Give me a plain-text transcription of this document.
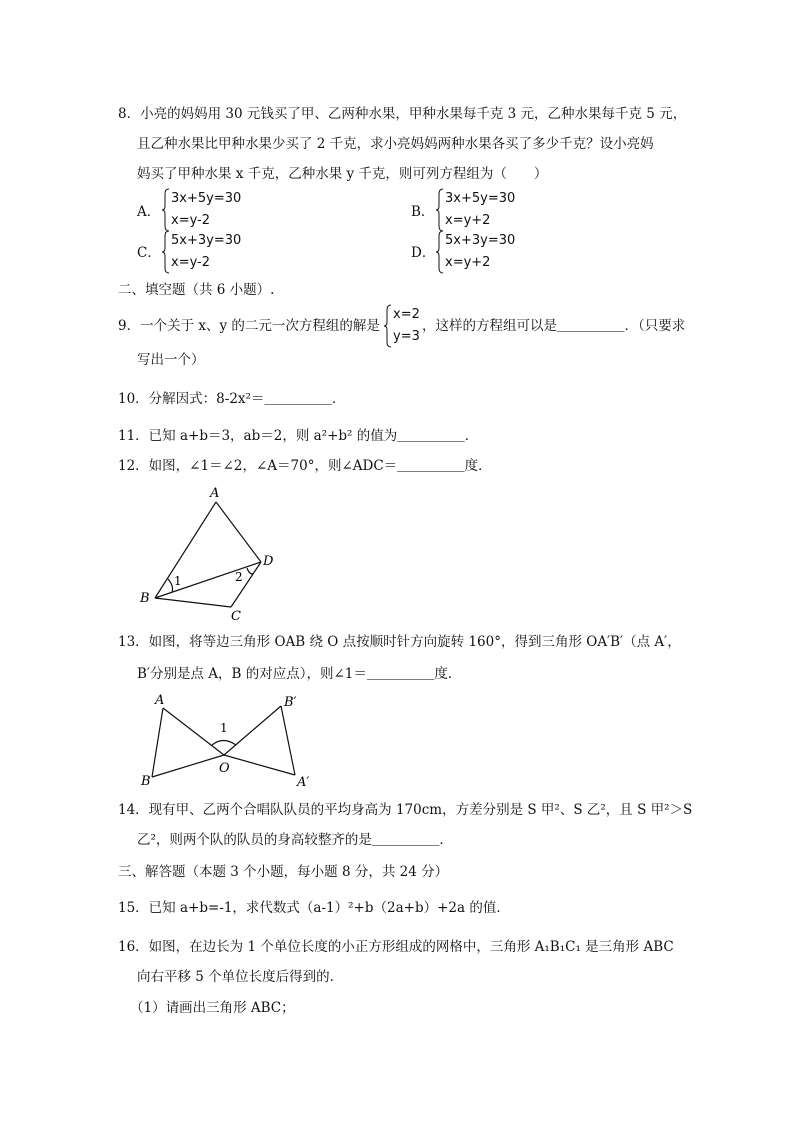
8．小亮的妈妈用 30 元钱买了甲、乙两种水果，甲种水果每千克 3 元，乙种水果每千克 5 元，
且乙种水果比甲种水果少买了 2 千克，求小亮妈妈两种水果各买了多少千克？设小亮妈
妈买了甲种水果 x 千克，乙种水果 y 千克，则可列方程组为（　　）
A．
3x+5y=30
x=y-2
B．
3x+5y=30
x=y+2
C．
5x+3y=30
x=y-2
D．
5x+3y=30
x=y+2
二、填空题（共 6 小题）.
9．一个关于 x、y 的二元一次方程组的解是
x=2
y=3
，这样的方程组可以是＿＿＿＿＿．（只要求
写出一个）
10．分解因式：8-2x²＝＿＿＿＿＿．
11．已知 a+b＝3，ab＝2，则 a²+b² 的值为＿＿＿＿＿．
12．如图，∠1＝∠2，∠A＝70°，则∠ADC＝＿＿＿＿＿度．
A
B
C
D
1	2
13．如图，将等边三角形 OAB 绕 O 点按顺时针方向旋转 160°，得到三角形 OA′B′（点 A′，
B′分别是点 A，B 的对应点），则∠1＝＿＿＿＿＿度．
A
B
O
B′
A′
1
14．现有甲、乙两个合唱队队员的平均身高为 170cm，方差分别是 S 甲²、S 乙²，且 S 甲²＞S
乙²，则两个队的队员的身高较整齐的是＿＿＿＿＿．
三、解答题（本题 3 个小题，每小题 8 分，共 24 分）
15．已知 a+b=-1，求代数式（a-1）²+b（2a+b）+2a 的值．
16．如图，在边长为 1 个单位长度的小正方形组成的网格中，三角形 A₁B₁C₁ 是三角形 ABC
向右平移 5 个单位长度后得到的．
（1）请画出三角形 ABC；
